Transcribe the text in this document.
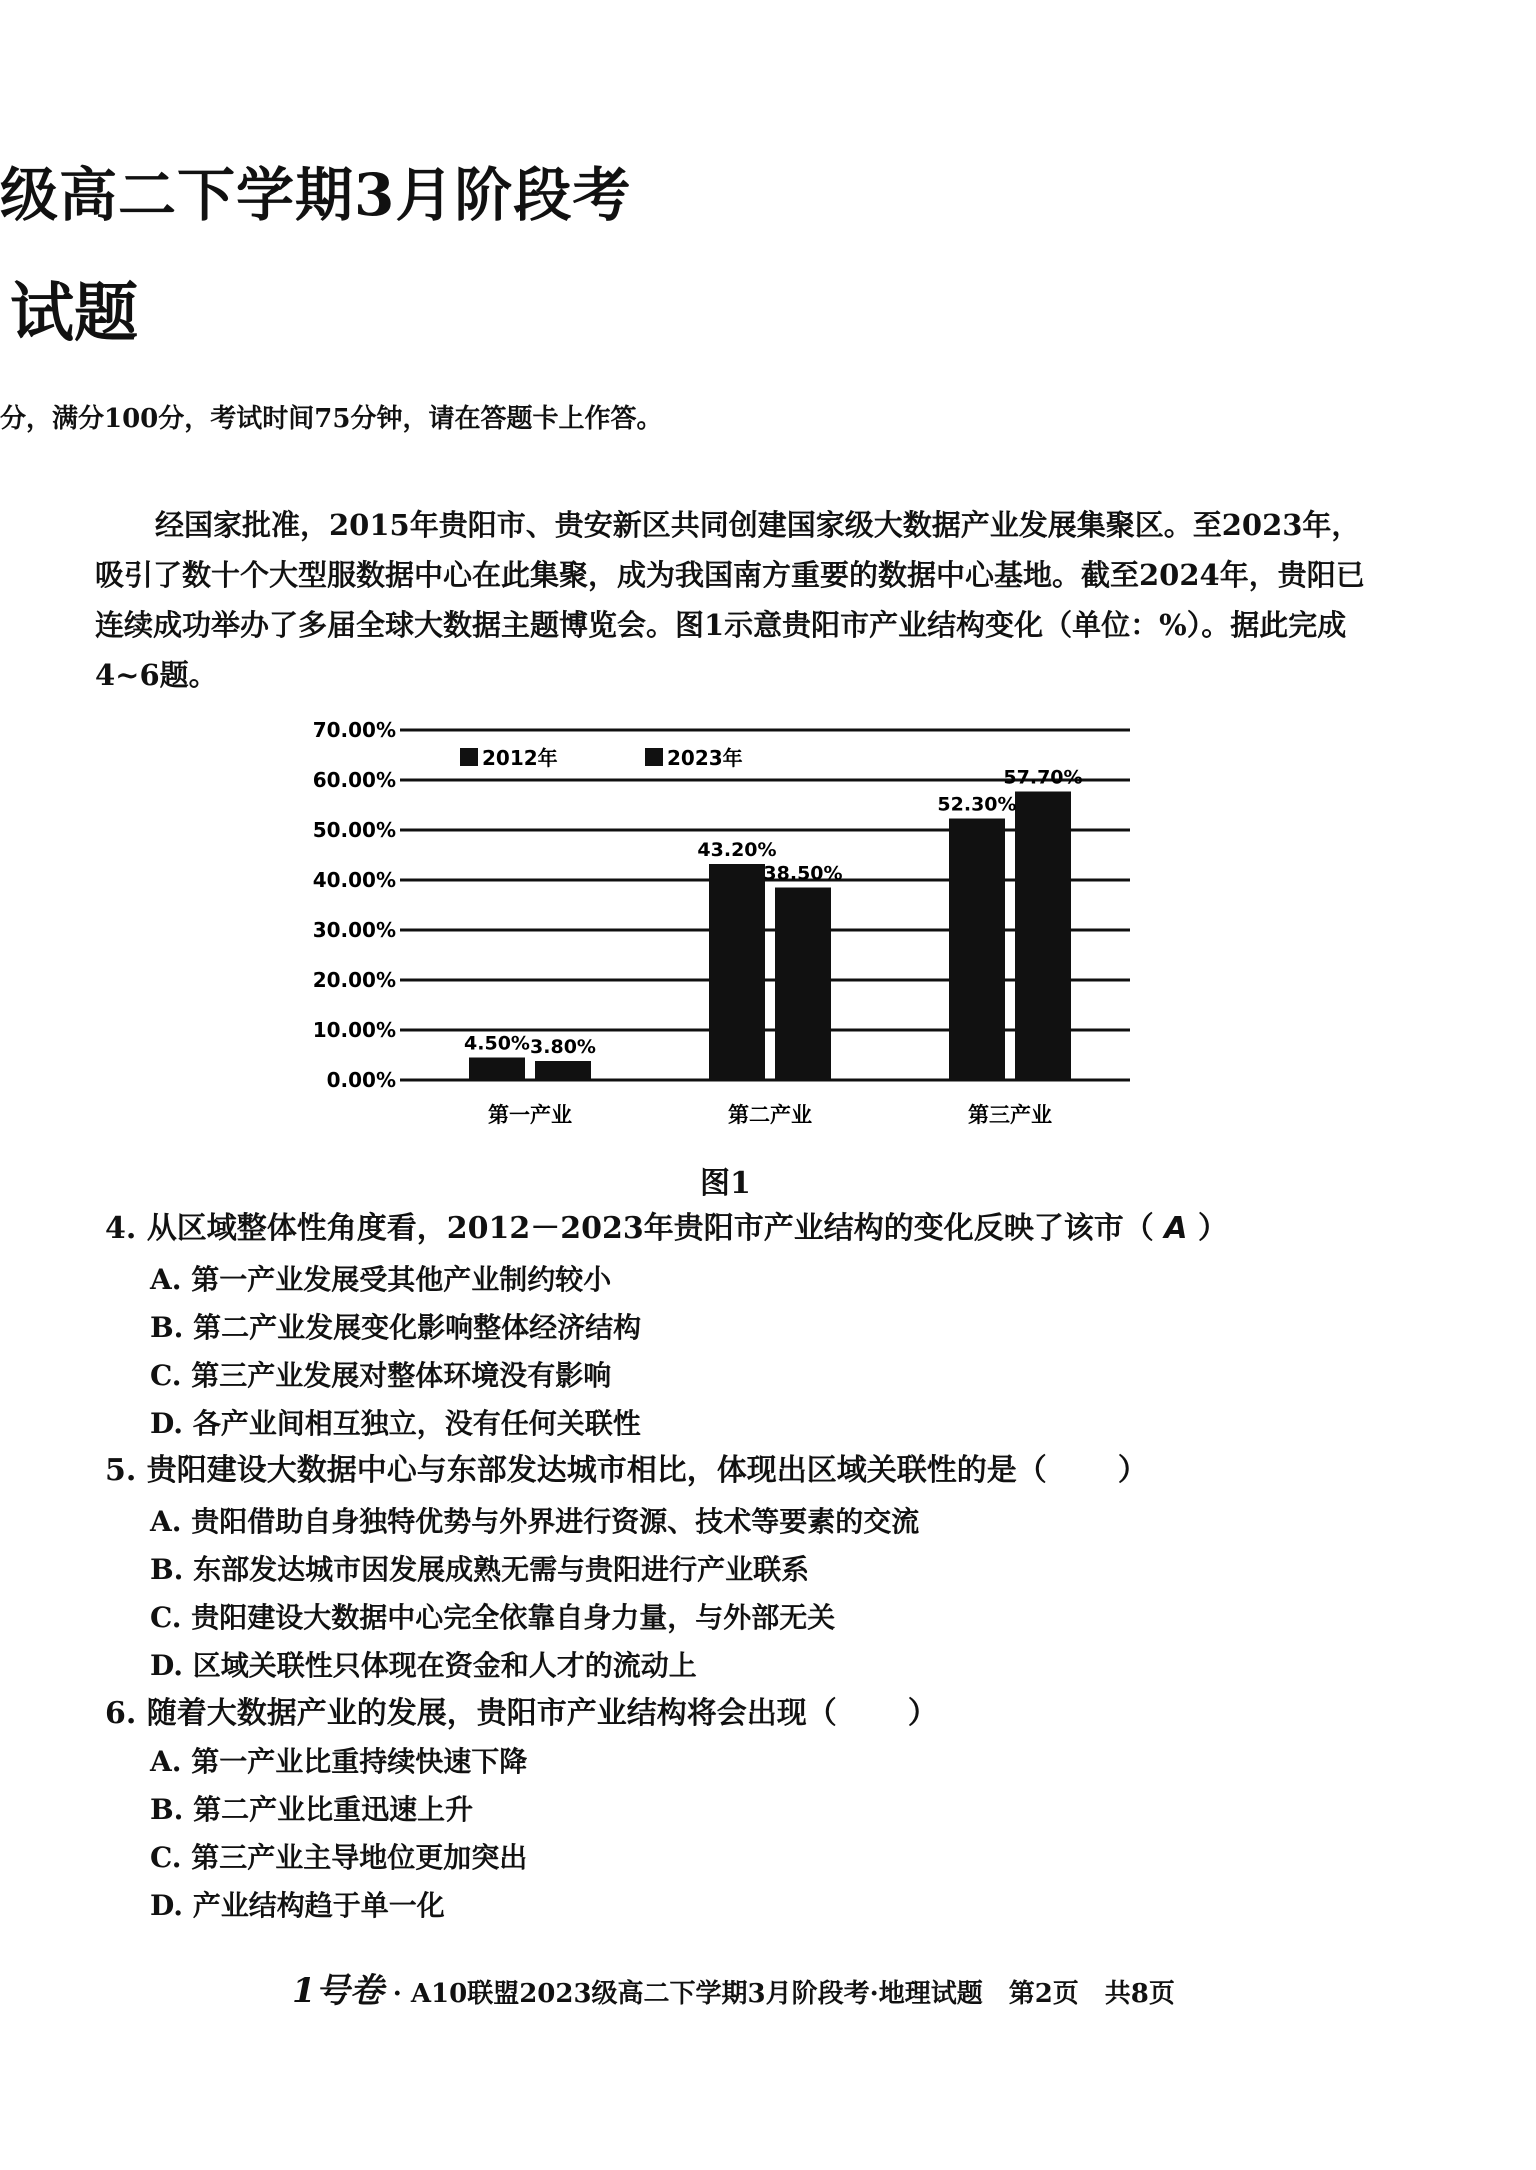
级高二下学期3月阶段考
试题
分，满分100分，考试时间75分钟，请在答题卡上作答。
经国家批准，2015年贵阳市、贵安新区共同创建国家级大数据产业发展集聚区。至2023年，吸引了数十个大型服数据中心在此集聚，成为我国南方重要的数据中心基地。截至2024年，贵阳已连续成功举办了多届全球大数据主题博览会。图1示意贵阳市产业结构变化（单位：%）。据此完成4~6题。
0.00%
10.00%
20.00%
30.00%
40.00%
50.00%
60.00%
70.00%
4.50% 3.80%
43.20%
38.50%
52.30%
57.70%
第一产业	第二产业	第三产业
2012年	2023年
图1
4. 从区域整体性角度看，2012－2023年贵阳市产业结构的变化反映了该市（ A ）
A. 第一产业发展受其他产业制约较小
B. 第二产业发展变化影响整体经济结构
C. 第三产业发展对整体环境没有影响
D. 各产业间相互独立，没有任何关联性
5. 贵阳建设大数据中心与东部发达城市相比，体现出区域关联性的是（ ）
A. 贵阳借助自身独特优势与外界进行资源、技术等要素的交流
B. 东部发达城市因发展成熟无需与贵阳进行产业联系
C. 贵阳建设大数据中心完全依靠自身力量，与外部无关
D. 区域关联性只体现在资金和人才的流动上
6. 随着大数据产业的发展，贵阳市产业结构将会出现（ ）
A. 第一产业比重持续快速下降
B. 第二产业比重迅速上升
C. 第三产业主导地位更加突出
D. 产业结构趋于单一化
1号卷 · A10联盟2023级高二下学期3月阶段考·地理试题　第2页　共8页
